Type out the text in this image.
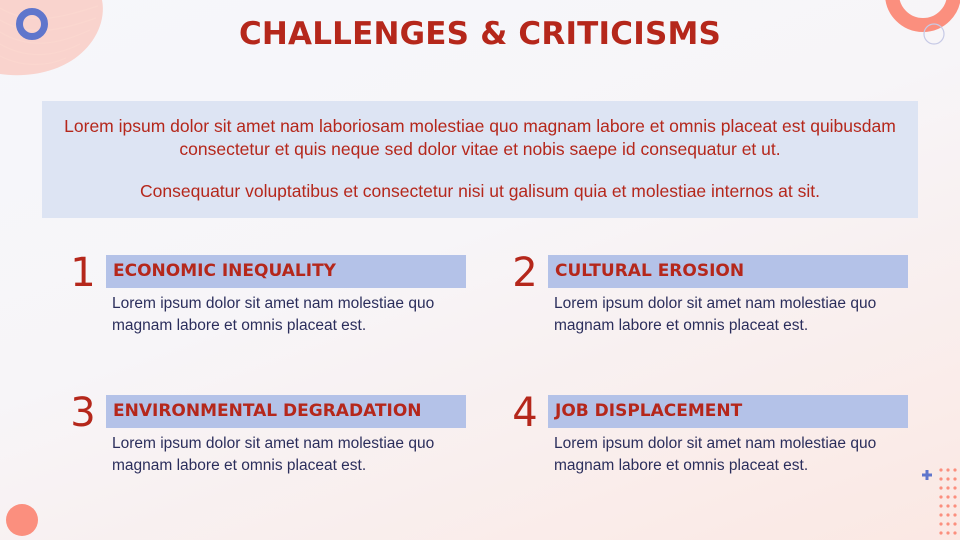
CHALLENGES & CRITICISMS

Lorem ipsum dolor sit amet nam laboriosam molestiae quo magnam labore et omnis placeat est quibusdam consectetur et quis neque sed dolor vitae et nobis saepe id consequatur et ut.

Consequatur voluptatibus et consectetur nisi ut galisum quia et molestiae internos at sit.

1	ECONOMIC INEQUALITY
Lorem ipsum dolor sit amet nam molestiae quo magnam labore et omnis placeat est.
2	CULTURAL EROSION
Lorem ipsum dolor sit amet nam molestiae quo magnam labore et omnis placeat est.
3	ENVIRONMENTAL DEGRADATION
Lorem ipsum dolor sit amet nam molestiae quo magnam labore et omnis placeat est.
4	JOB DISPLACEMENT
Lorem ipsum dolor sit amet nam molestiae quo magnam labore et omnis placeat est.
